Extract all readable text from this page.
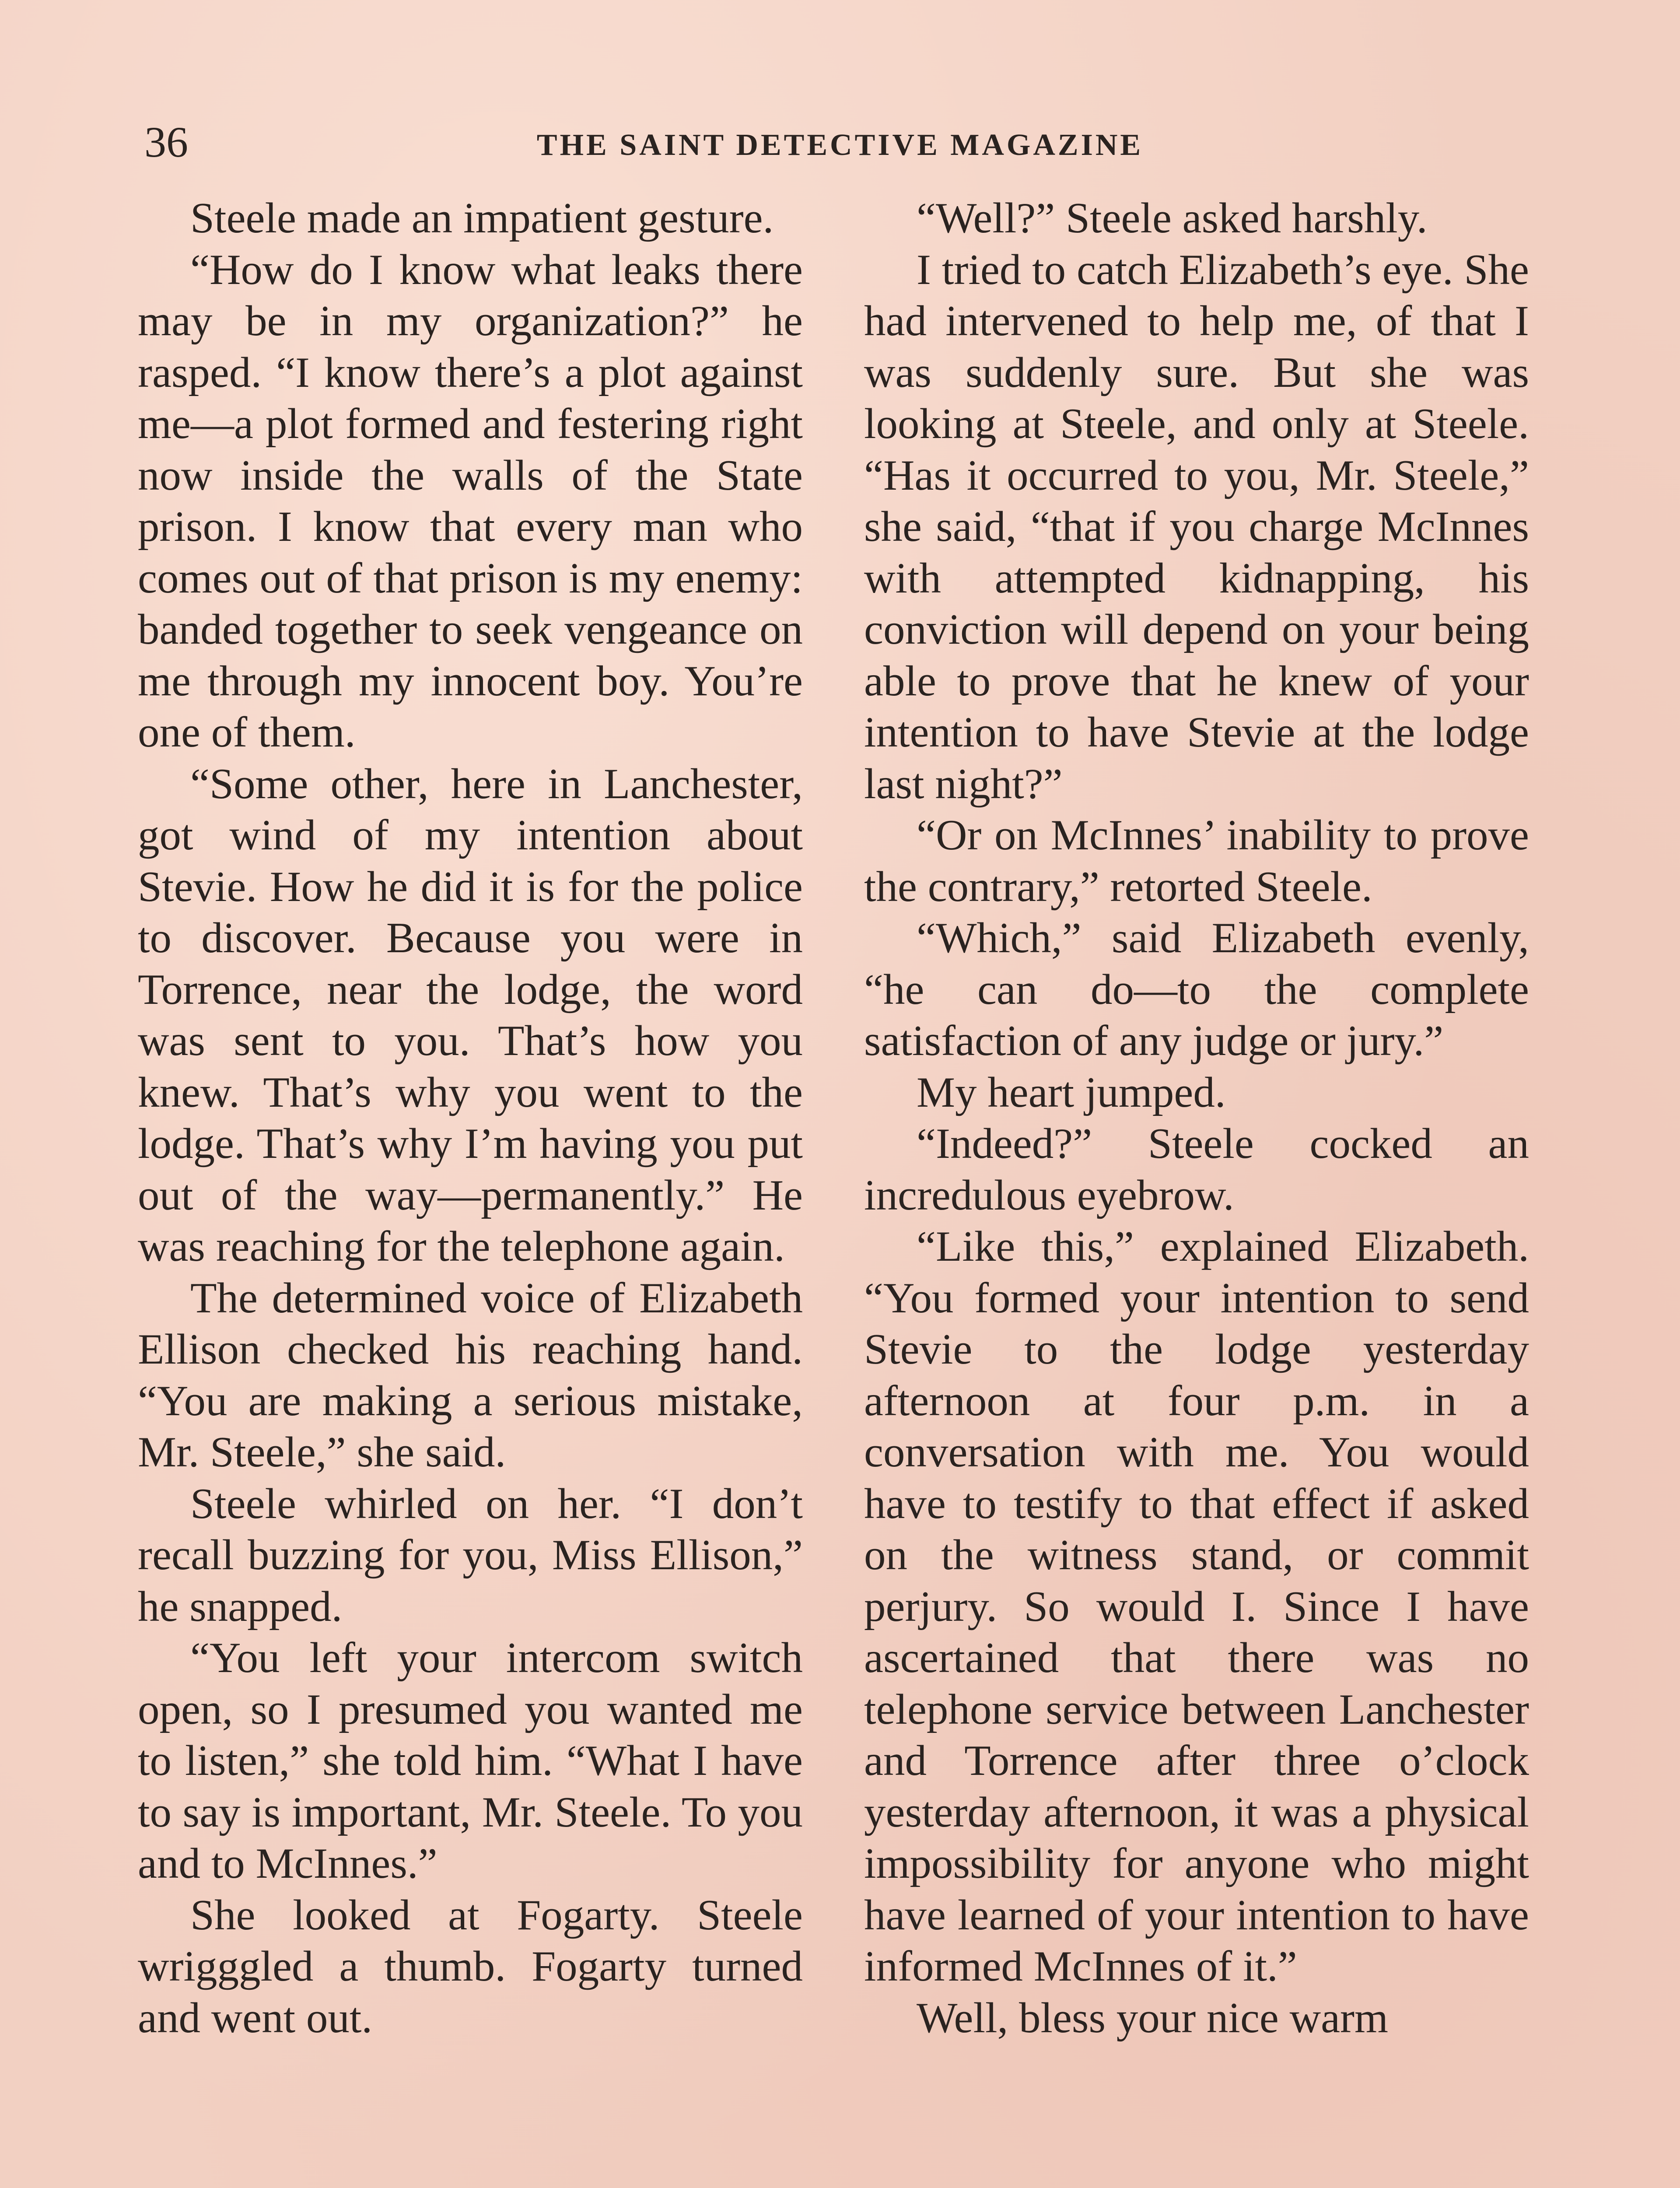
36	THE SAINT DETECTIVE MAGAZINE

Steele made an impatient gesture.

“How do I know what leaks there may be in my organization?” he rasped. “I know there’s a plot against me—a plot formed and festering right now inside the walls of the State prison. I know that every man who comes out of that prison is my enemy: banded together to seek vengeance on me through my innocent boy. You’re one of them.

“Some other, here in Lanchester, got wind of my intention about Stevie. How he did it is for the police to discover. Because you were in Torrence, near the lodge, the word was sent to you. That’s how you knew. That’s why you went to the lodge. That’s why I’m having you put out of the way—permanently.” He was reaching for the telephone again.

The determined voice of Elizabeth Ellison checked his reaching hand. “You are making a serious mistake, Mr. Steele,” she said.

Steele whirled on her. “I don’t recall buzzing for you, Miss Ellison,” he snapped.

“You left your intercom switch open, so I presumed you wanted me to listen,” she told him. “What I have to say is important, Mr. Steele. To you and to McInnes.”

She looked at Fogarty. Steele wrigggled a thumb. Fogarty turned and went out.

“Well?” Steele asked harshly.

I tried to catch Elizabeth’s eye. She had intervened to help me, of that I was suddenly sure. But she was looking at Steele, and only at Steele. “Has it occurred to you, Mr. Steele,” she said, “that if you charge McInnes with attempted kidnapping, his conviction will depend on your being able to prove that he knew of your intention to have Stevie at the lodge last night?”

“Or on McInnes’ inability to prove the contrary,” retorted Steele.

“Which,” said Elizabeth evenly, “he can do—to the complete satisfaction of any judge or jury.”

My heart jumped.

“Indeed?” Steele cocked an incredulous eyebrow.

“Like this,” explained Elizabeth. “You formed your intention to send Stevie to the lodge yesterday afternoon at four p.m. in a conversation with me. You would have to testify to that effect if asked on the witness stand, or commit perjury. So would I. Since I have ascertained that there was no telephone service between Lanchester and Torrence after three o’clock yesterday afternoon, it was a physical impossibility for anyone who might have learned of your intention to have informed McInnes of it.”

Well, bless your nice warm
